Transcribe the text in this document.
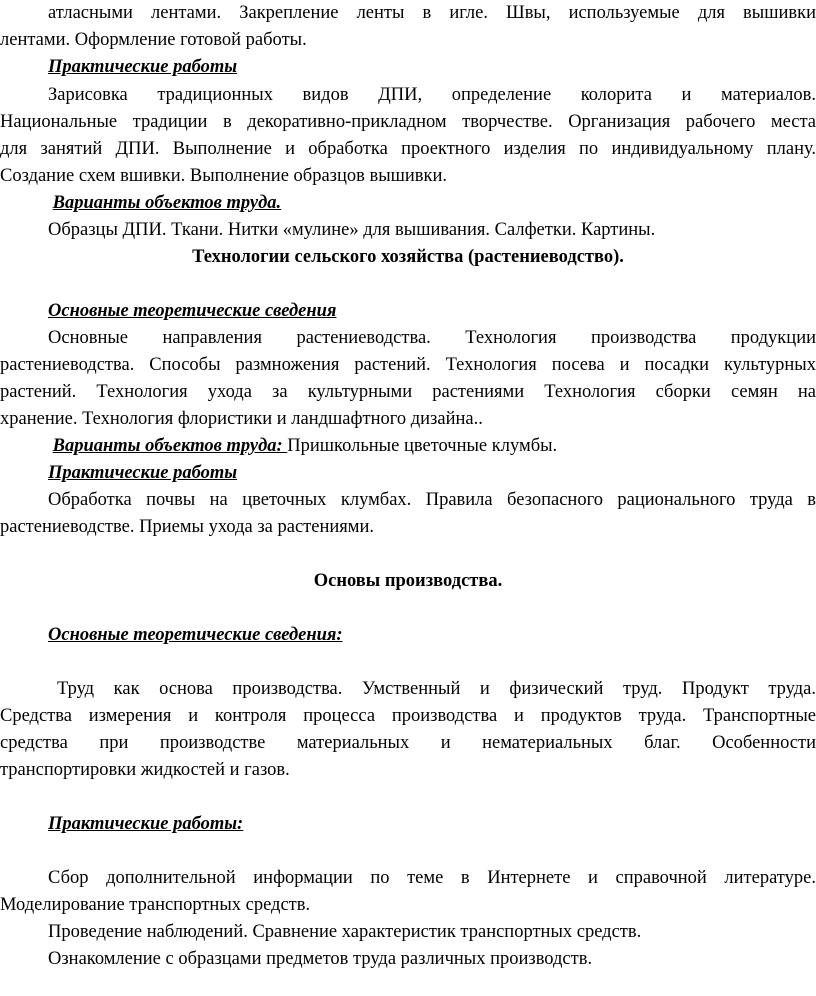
атласными лентами. Закрепление ленты в игле. Швы, используемые для вышивки
лентами. Оформление готовой работы.
Практические работы
Зарисовка традиционных видов ДПИ, определение колорита и материалов.
Национальные традиции в декоративно-прикладном творчестве. Организация рабочего места
для занятий ДПИ. Выполнение и обработка проектного изделия по индивидуальному плану.
Создание схем вшивки. Выполнение образцов вышивки.
Варианты объектов труда.
Образцы ДПИ. Ткани. Нитки «мулине» для вышивания. Салфетки. Картины.
Технологии сельского хозяйства (растениеводство).
Основные теоретические сведения
Основные направления растениеводства. Технология производства продукции
растениеводства. Способы размножения растений. Технология посева и посадки культурных
растений. Технология ухода за культурными растениями Технология сборки семян на
хранение. Технология флористики и ландшафтного дизайна..
Варианты объектов труда: Пришкольные цветочные клумбы.
Практические работы
Обработка почвы на цветочных клумбах. Правила безопасного рационального труда в
растениеводстве. Приемы ухода за растениями.
Основы производства.
Основные теоретические сведения:
Труд как основа производства. Умственный и физический труд. Продукт труда.
Средства измерения и контроля процесса производства и продуктов труда. Транспортные
средства при производстве материальных и нематериальных благ. Особенности
транспортировки жидкостей и газов.
Практические работы:
Сбор дополнительной информации по теме в Интернете и справочной литературе.
Моделирование транспортных средств.
Проведение наблюдений. Сравнение характеристик транспортных средств.
Ознакомление с образцами предметов труда различных производств.
